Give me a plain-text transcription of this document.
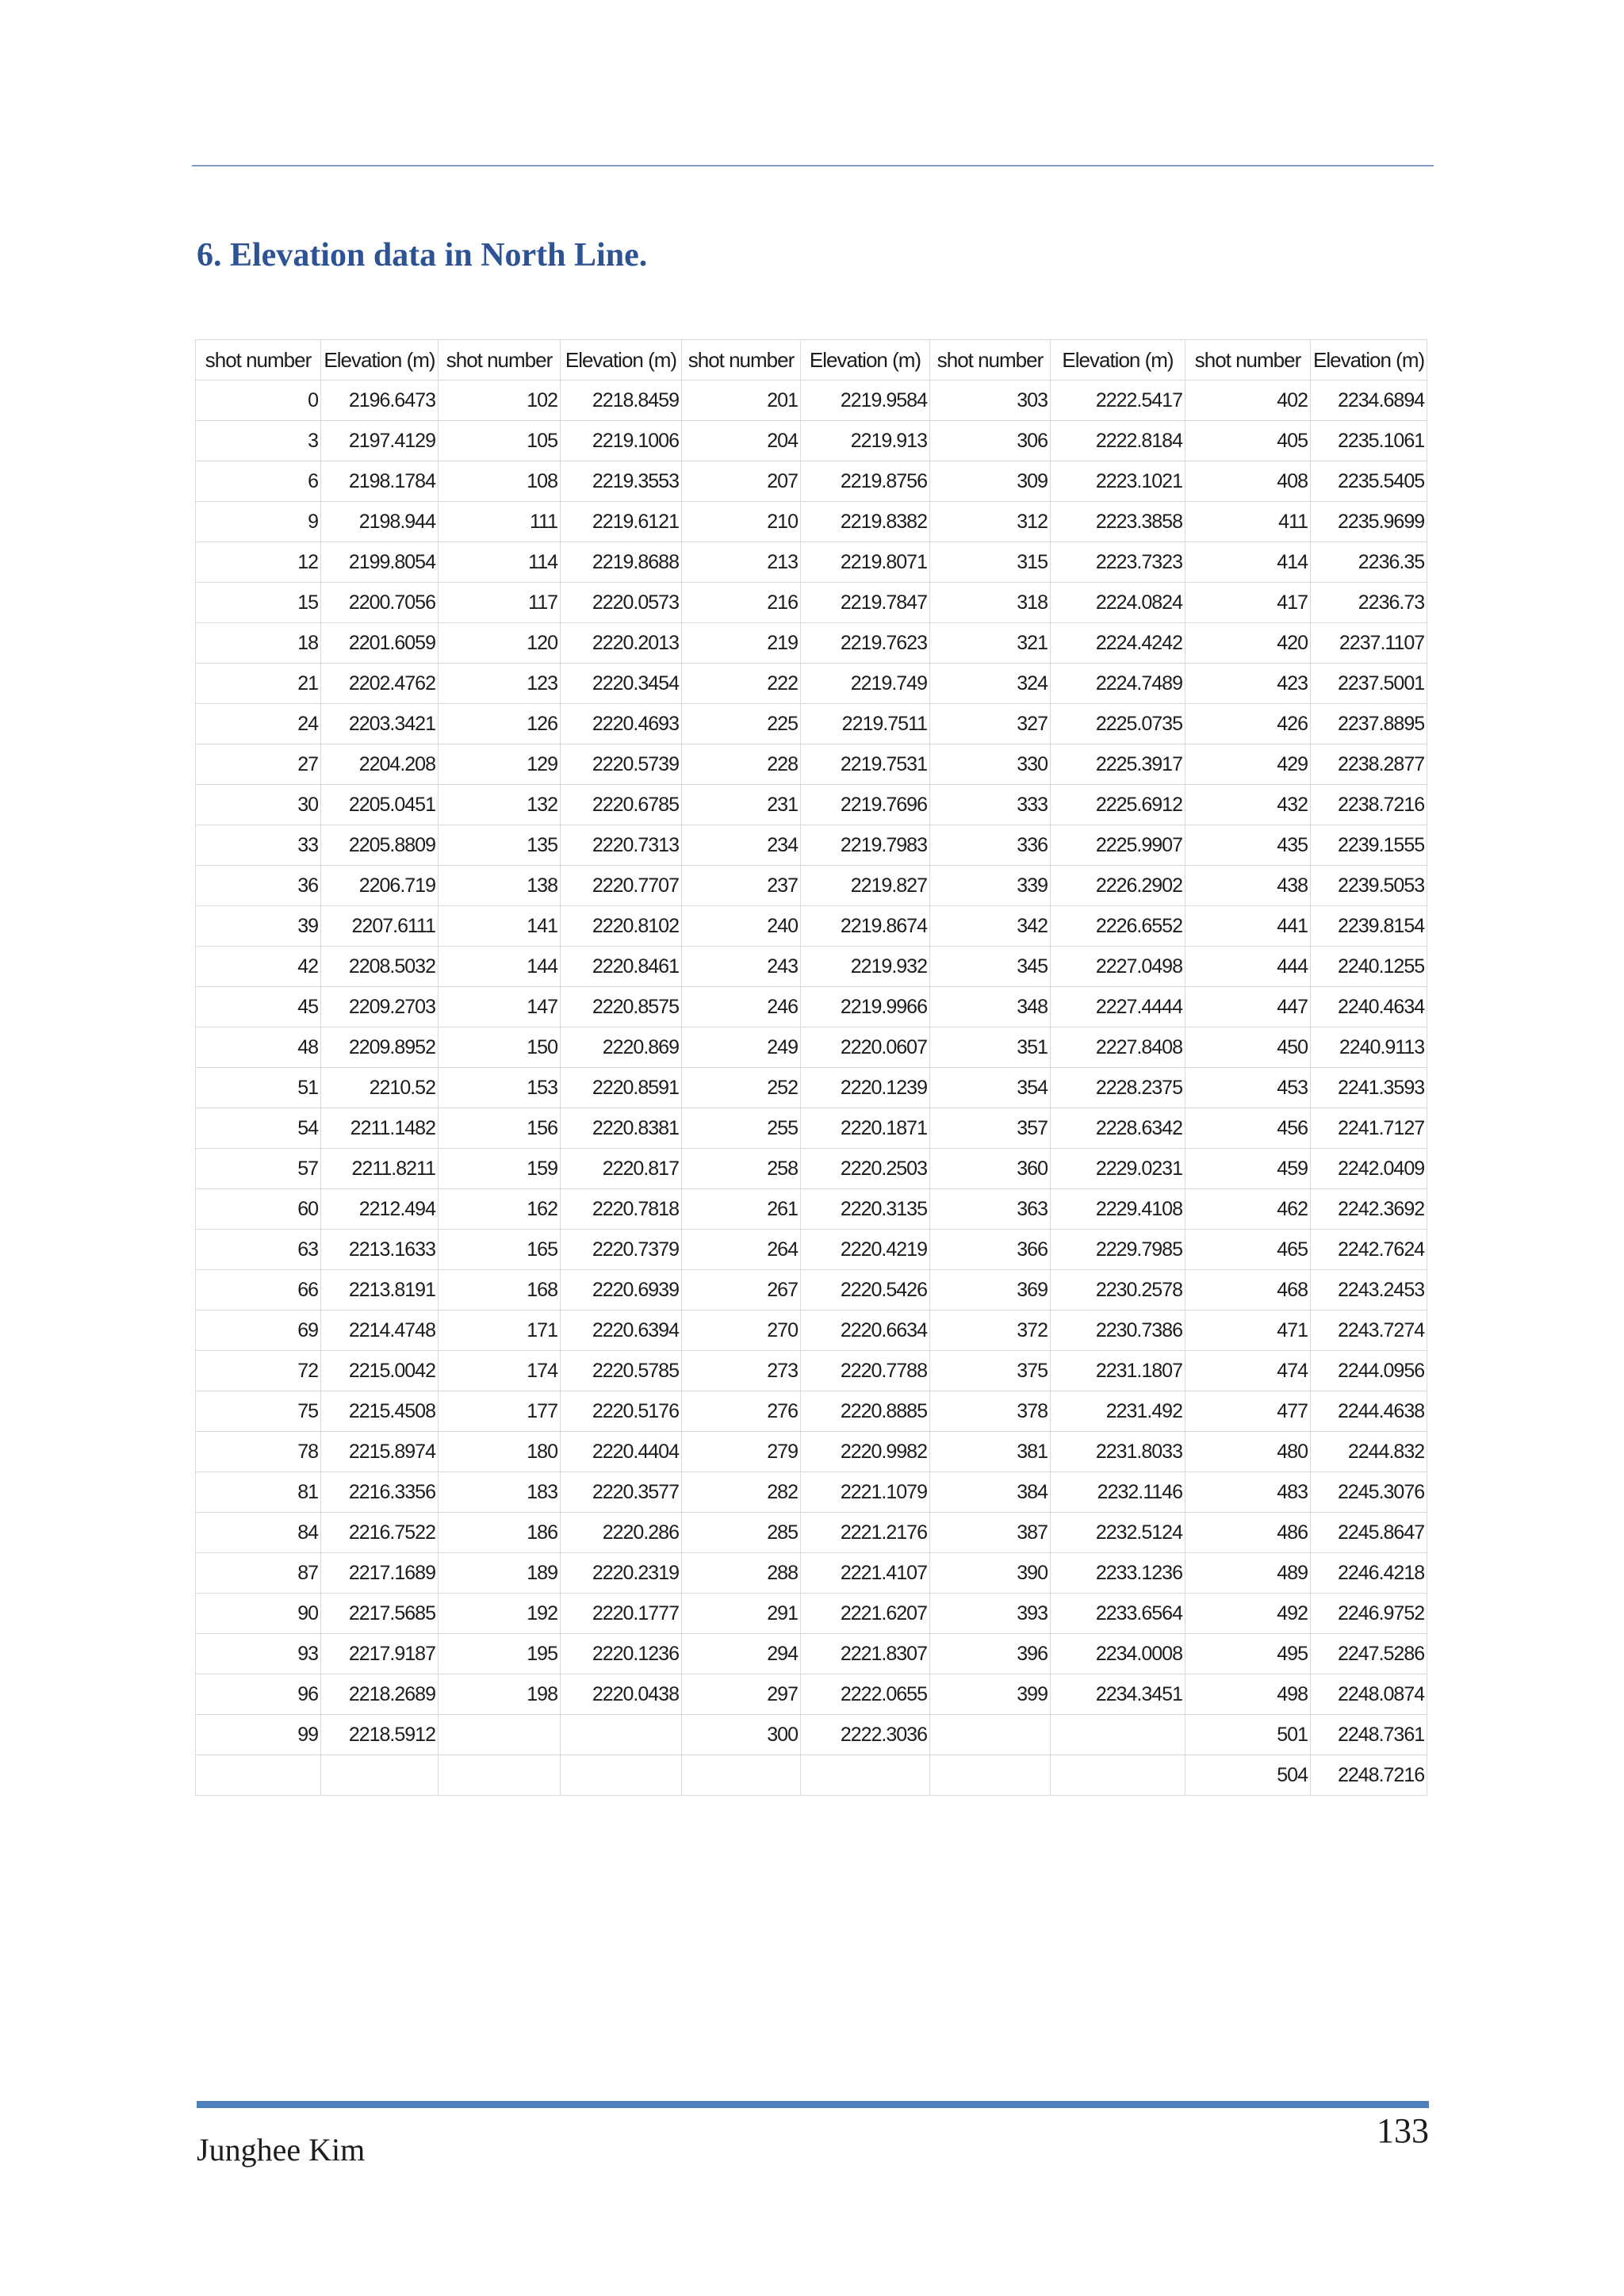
6. Elevation data in North Line.
shot number	Elevation (m)	shot number	Elevation (m)	shot number	Elevation (m)	shot number	Elevation (m)	shot number	Elevation (m)
0	2196.6473	102	2218.8459	201	2219.9584	303	2222.5417	402	2234.6894
3	2197.4129	105	2219.1006	204	2219.913	306	2222.8184	405	2235.1061
6	2198.1784	108	2219.3553	207	2219.8756	309	2223.1021	408	2235.5405
9	2198.944	111	2219.6121	210	2219.8382	312	2223.3858	411	2235.9699
12	2199.8054	114	2219.8688	213	2219.8071	315	2223.7323	414	2236.35
15	2200.7056	117	2220.0573	216	2219.7847	318	2224.0824	417	2236.73
18	2201.6059	120	2220.2013	219	2219.7623	321	2224.4242	420	2237.1107
21	2202.4762	123	2220.3454	222	2219.749	324	2224.7489	423	2237.5001
24	2203.3421	126	2220.4693	225	2219.7511	327	2225.0735	426	2237.8895
27	2204.208	129	2220.5739	228	2219.7531	330	2225.3917	429	2238.2877
30	2205.0451	132	2220.6785	231	2219.7696	333	2225.6912	432	2238.7216
33	2205.8809	135	2220.7313	234	2219.7983	336	2225.9907	435	2239.1555
36	2206.719	138	2220.7707	237	2219.827	339	2226.2902	438	2239.5053
39	2207.6111	141	2220.8102	240	2219.8674	342	2226.6552	441	2239.8154
42	2208.5032	144	2220.8461	243	2219.932	345	2227.0498	444	2240.1255
45	2209.2703	147	2220.8575	246	2219.9966	348	2227.4444	447	2240.4634
48	2209.8952	150	2220.869	249	2220.0607	351	2227.8408	450	2240.9113
51	2210.52	153	2220.8591	252	2220.1239	354	2228.2375	453	2241.3593
54	2211.1482	156	2220.8381	255	2220.1871	357	2228.6342	456	2241.7127
57	2211.8211	159	2220.817	258	2220.2503	360	2229.0231	459	2242.0409
60	2212.494	162	2220.7818	261	2220.3135	363	2229.4108	462	2242.3692
63	2213.1633	165	2220.7379	264	2220.4219	366	2229.7985	465	2242.7624
66	2213.8191	168	2220.6939	267	2220.5426	369	2230.2578	468	2243.2453
69	2214.4748	171	2220.6394	270	2220.6634	372	2230.7386	471	2243.7274
72	2215.0042	174	2220.5785	273	2220.7788	375	2231.1807	474	2244.0956
75	2215.4508	177	2220.5176	276	2220.8885	378	2231.492	477	2244.4638
78	2215.8974	180	2220.4404	279	2220.9982	381	2231.8033	480	2244.832
81	2216.3356	183	2220.3577	282	2221.1079	384	2232.1146	483	2245.3076
84	2216.7522	186	2220.286	285	2221.2176	387	2232.5124	486	2245.8647
87	2217.1689	189	2220.2319	288	2221.4107	390	2233.1236	489	2246.4218
90	2217.5685	192	2220.1777	291	2221.6207	393	2233.6564	492	2246.9752
93	2217.9187	195	2220.1236	294	2221.8307	396	2234.0008	495	2247.5286
96	2218.2689	198	2220.0438	297	2222.0655	399	2234.3451	498	2248.0874
99	2218.5912			300	2222.3036			501	2248.7361
								504	2248.7216
Junghee Kim	133
